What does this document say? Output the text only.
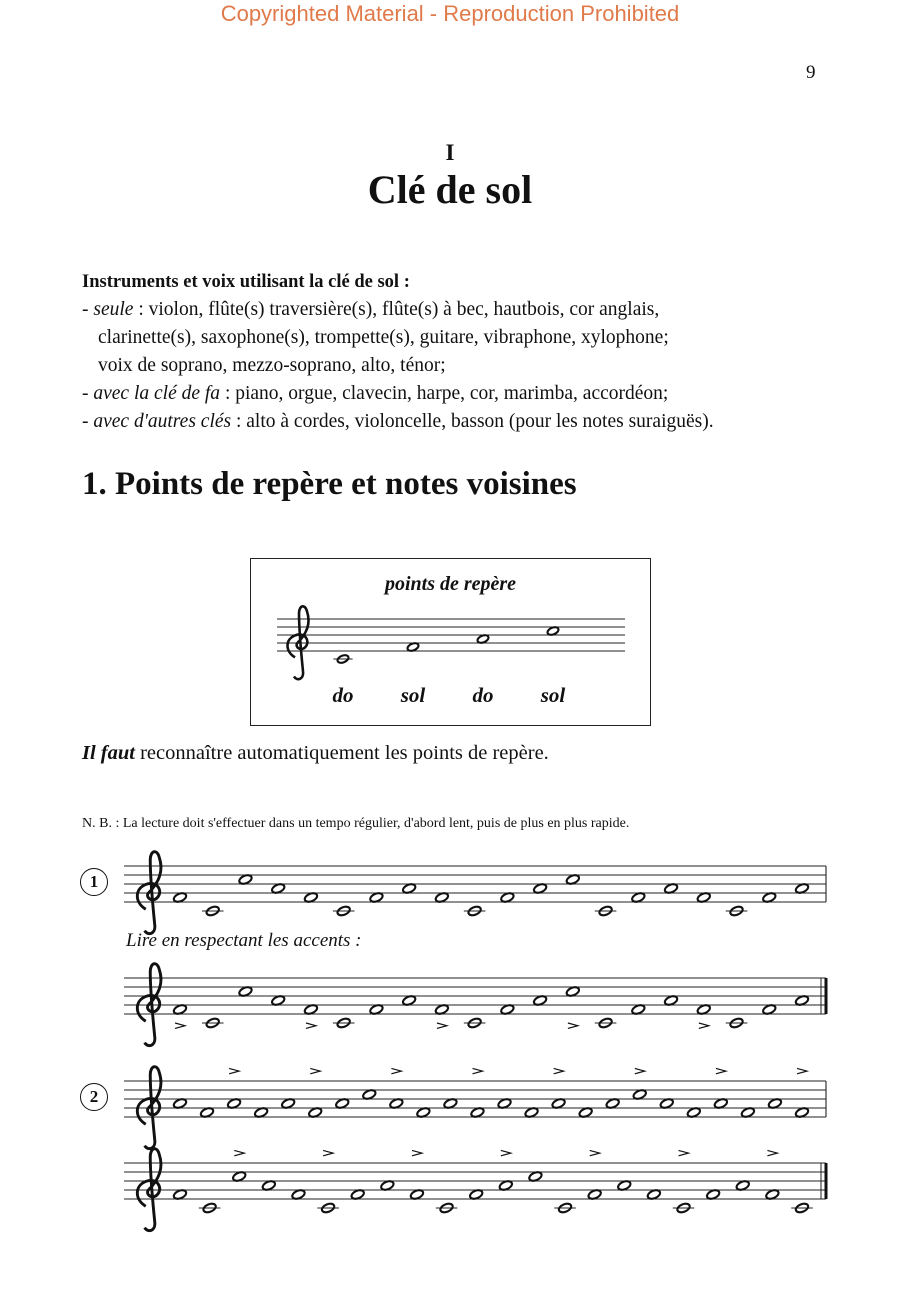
Copyrighted Material - Reproduction Prohibited
9
I
Clé de sol
Instruments et voix utilisant la clé de sol :
- seule : violon, flûte(s) traversière(s), flûte(s) à bec, hautbois, cor anglais,
clarinette(s), saxophone(s), trompette(s), guitare, vibraphone, xylophone;
voix de soprano, mezzo-soprano, alto, ténor;
- avec la clé de fa : piano, orgue, clavecin, harpe, cor, marimba, accordéon;
- avec d'autres clés : alto à cordes, violoncelle, basson (pour les notes suraiguës).
1. Points de repère et notes voisines
points de repère
do	sol	do	sol
Il faut reconnaître automatiquement les points de repère.
N. B. : La lecture doit s'effectuer dans un tempo régulier, d'abord lent, puis de plus en plus rapide.
1
Lire en respectant les accents :
2
